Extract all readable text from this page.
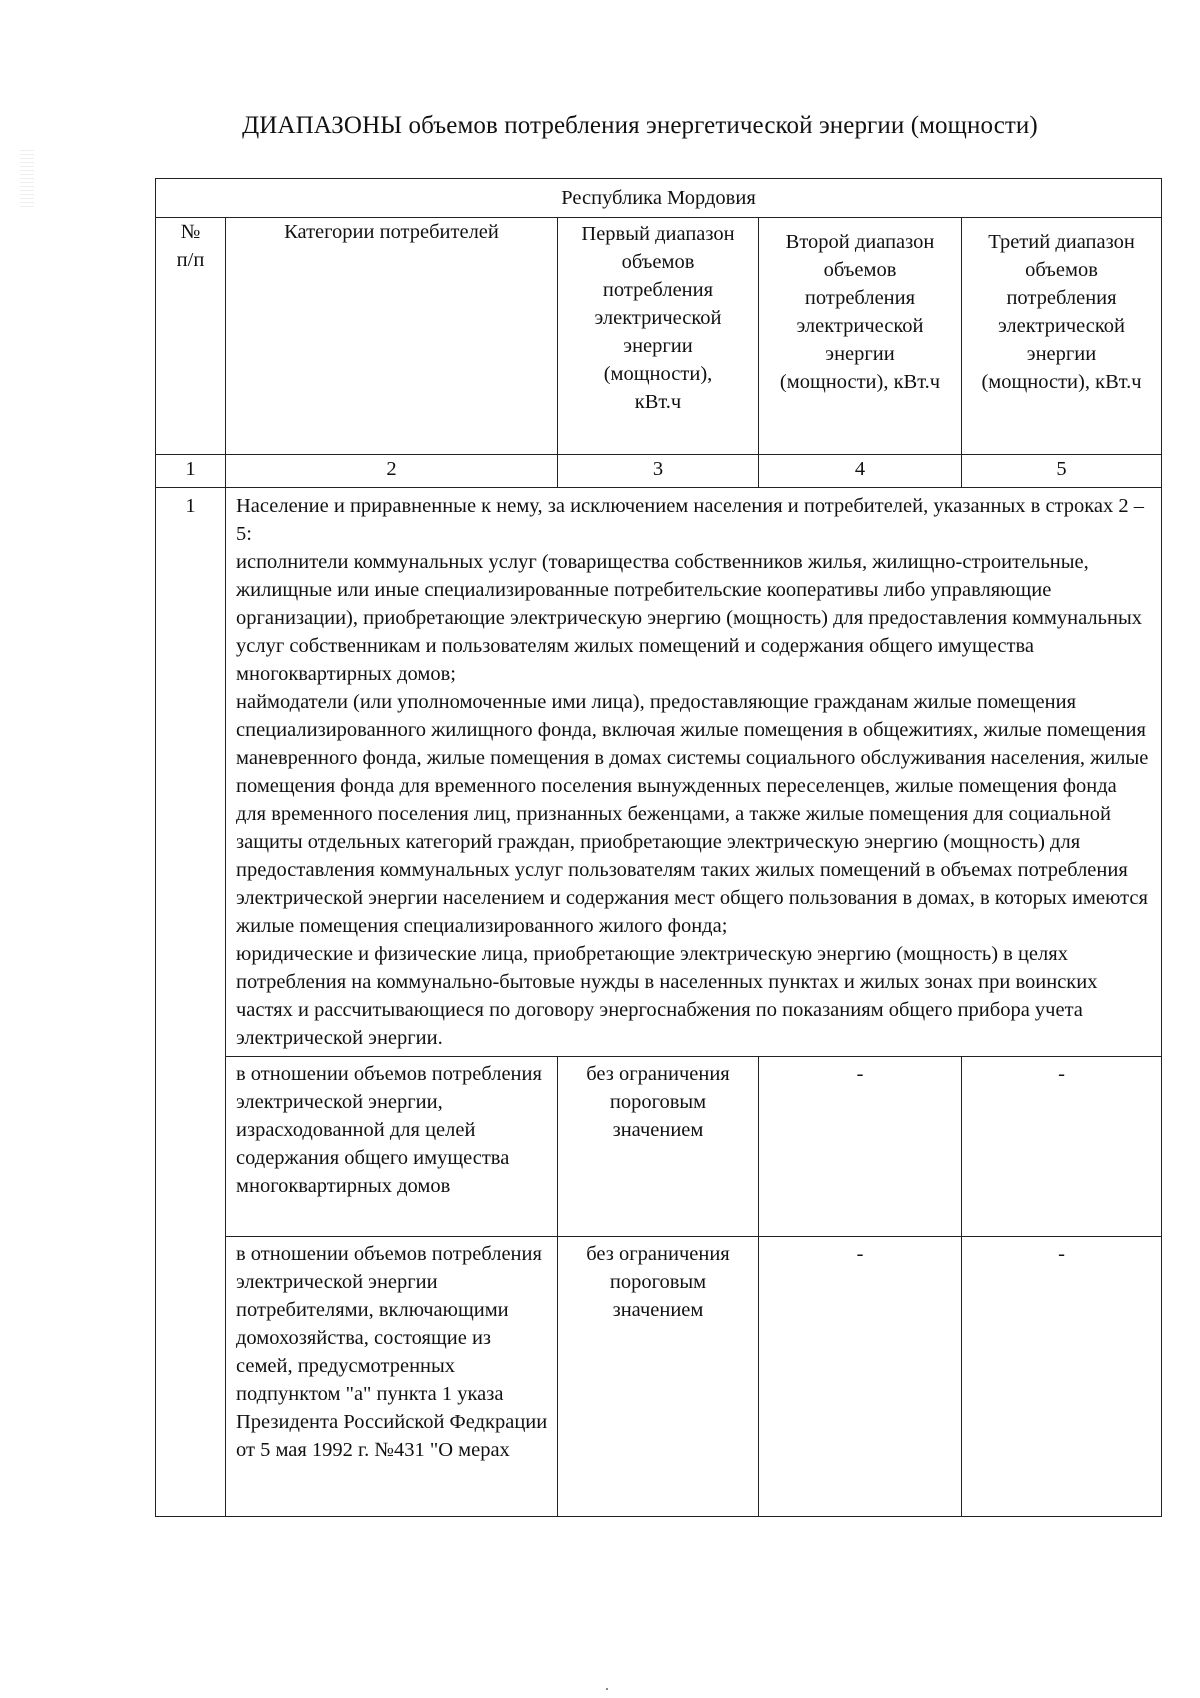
ДИАПАЗОНЫ объемов потребления энергетической энергии (мощности)
Республика Мордовия				
№ п/п	Категории потребителей	Первый диапазон объемов потребления электрической энергии (мощности), кВт.ч	Второй диапазон объемов потребления электрической энергии (мощности), кВт.ч	Третий диапазон объемов потребления электрической энергии (мощности), кВт.ч

1	2	3	4	5
1	Население и приравненные к нему, за исключением населения и потребителей, указанных в строках 2 – 5:

исполнители коммунальных услуг (товарищества собственников жилья, жилищно-строительные, жилищные или иные специализированные потребительские кооперативы либо управляющие организации), приобретающие электрическую энергию (мощность) для предоставления коммунальных услуг собственникам и пользователям жилых помещений и содержания общего имущества многоквартирных домов;

наймодатели (или уполномоченные ими лица), предоставляющие гражданам жилые помещения специализированного жилищного фонда, включая жилые помещения в общежитиях, жилые помещения маневренного фонда, жилые помещения в домах системы социального обслуживания населения, жилые помещения фонда для временного поселения вынужденных переселенцев, жилые помещения фонда для временного поселения лиц, признанных беженцами, а также жилые помещения для социальной защиты отдельных категорий граждан, приобретающие электрическую энергию (мощность) для предоставления коммунальных услуг пользователям таких жилых помещений в объемах потребления электрической энергии населением и содержания мест общего пользования в домах, в которых имеются жилые помещения специализированного жилого фонда;

юридические и физические лица, приобретающие электрическую энергию (мощность) в целях потребления на коммунально-бытовые нужды в населенных пунктах и жилых зонах при воинских частях и рассчитывающиеся по договору энергоснабжения по показаниям общего прибора учета электрической энергии.			

	в отношении объемов потребления электрической энергии, израсходованной для целей содержания общего имущества многоквартирных домов	без ограничения пороговым значением	-	-
	в отношении объемов потребления электрической энергии потребителями, включающими домохозяйства, состоящие из семей, предусмотренных подпунктом "а" пункта 1 указа Президента Российской Федкрации от 5 мая 1992 г. №431 "О мерах	без ограничения пороговым значением	-	-
